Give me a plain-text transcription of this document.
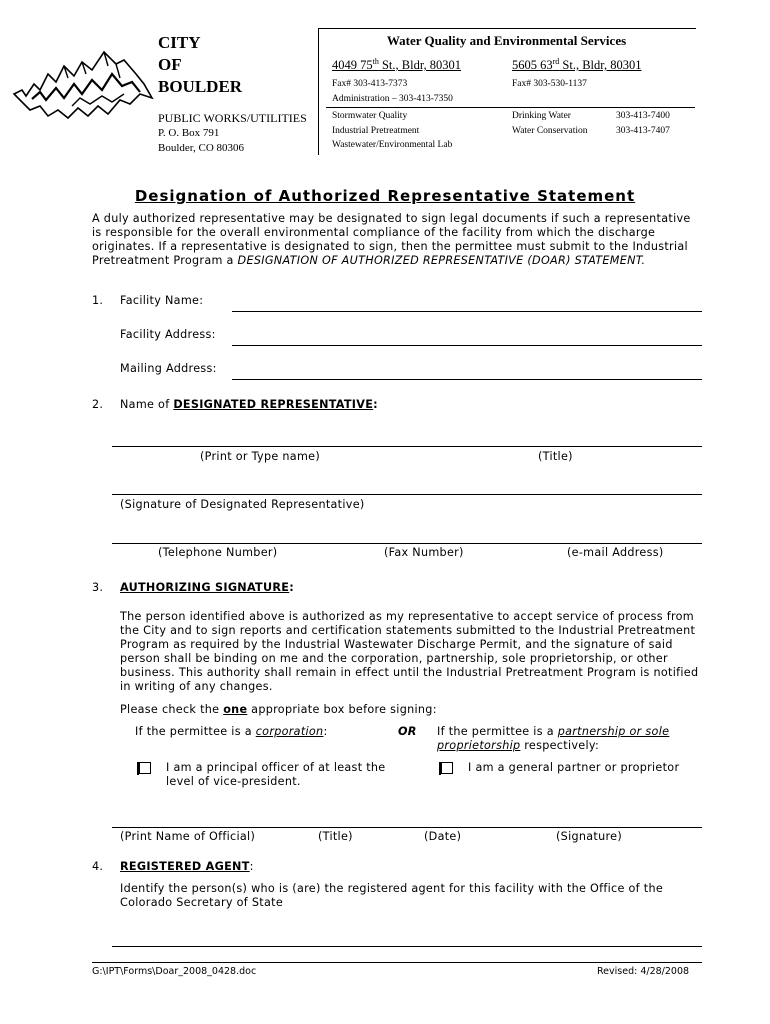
CITY
OF
BOULDER
PUBLIC WORKS/UTILITIES
P. O. Box 791
Boulder, CO 80306
Water Quality and Environmental Services
4049 75th St., Bldr, 80301	5605 63rd St., Bldr, 80301
Fax# 303-413-7373	Fax# 303-530-1137
Administration – 303-413-7350
Stormwater Quality
Industrial Pretreatment
Wastewater/Environmental Lab
Drinking Water	303-413-7400
Water Conservation	303-413-7407
Designation of Authorized Representative Statement
A duly authorized representative may be designated to sign legal documents if such a representative is responsible for the overall environmental compliance of the facility from which the discharge originates. If a representative is designated to sign, then the permittee must submit to the Industrial Pretreatment Program a DESIGNATION OF AUTHORIZED REPRESENTATIVE (DOAR) STATEMENT.
1. Facility Name:
Facility Address:
Mailing Address:
2. Name of DESIGNATED REPRESENTATIVE:
(Print or Type name)	(Title)
(Signature of Designated Representative)
(Telephone Number)	(Fax Number)	(e-mail Address)
3. AUTHORIZING SIGNATURE:
The person identified above is authorized as my representative to accept service of process from the City and to sign reports and certification statements submitted to the Industrial Pretreatment Program as required by the Industrial Wastewater Discharge Permit, and the signature of said person shall be binding on me and the corporation, partnership, sole proprietorship, or other business. This authority shall remain in effect until the Industrial Pretreatment Program is notified in writing of any changes.
Please check the one appropriate box before signing:
If the permittee is a corporation:	OR If the permittee is a partnership or sole
proprietorship respectively:
I am a principal officer of at least the
level of vice-president.
I am a general partner or proprietor
(Print Name of Official)	(Title)	(Date)	(Signature)
4. REGISTERED AGENT:
Identify the person(s) who is (are) the registered agent for this facility with the Office of the Colorado Secretary of State
G:\IPT\Forms\Doar_2008_0428.doc	Revised: 4/28/2008
